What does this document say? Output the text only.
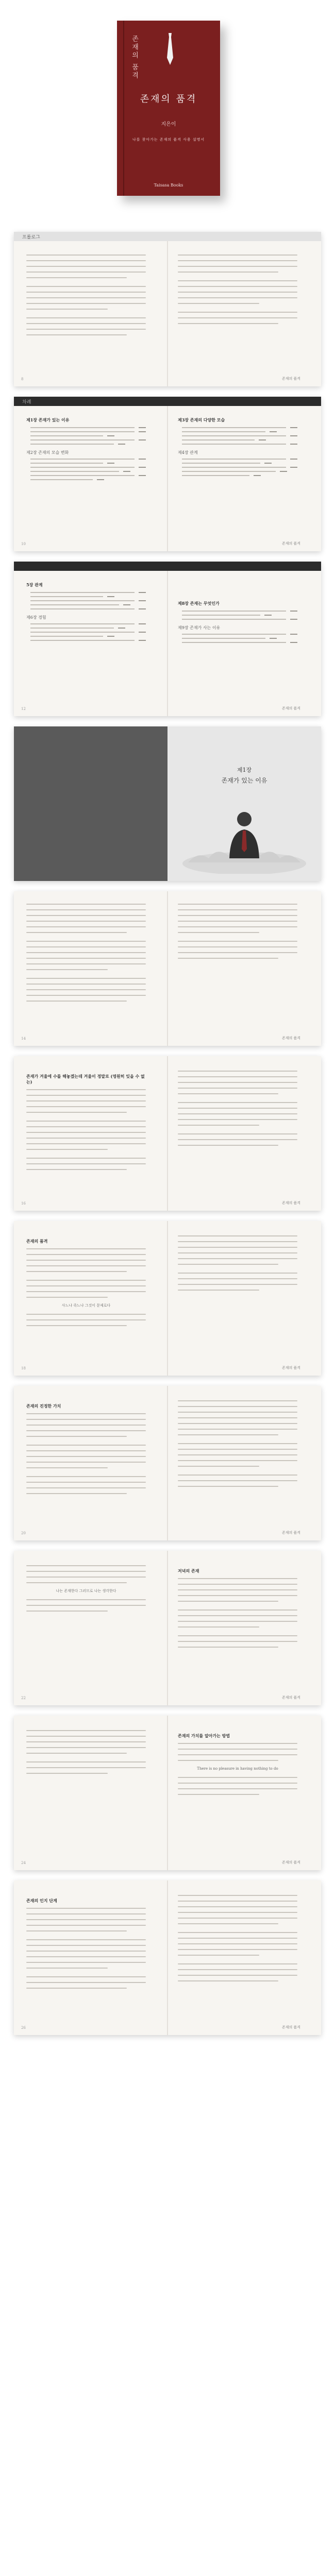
존재의 품격
존재의 품격
지은이
나를 찾아가는 존재의 품격 사용 설명서
Taisasa Books
프롤로그
8	존재의 품격
차례
제1장 존재가 있는 이유
제2장 존재의 모습 변화
제3장 존재의 다양한 모습
제4장 관계
10	존재의 품격
5장 관계
제6장 경험
제8장 존재는 무엇인가
제9장 존재가 사는 이유
12	존재의 품격
제1장
존재가 있는 이유
14	존재의 품격
존재가 겨울에 수를 해놓겠는데 겨울이 정말로 (영원히 잊을 수 없는)
16	존재의 품격
존재의 품격
사느냐 죽느냐 그것이 문제로다
18	존재의 품격
존재의 진정한 가치
20	존재의 품격
나는 존재한다 그러므로 나는 생각한다
저녁의 존재
22	존재의 품격
존재의 가치를 알아가는 방법
There is no pleasure in having nothing to do
24	존재의 품격
존재의 인지 단계
26	존재의 품격
